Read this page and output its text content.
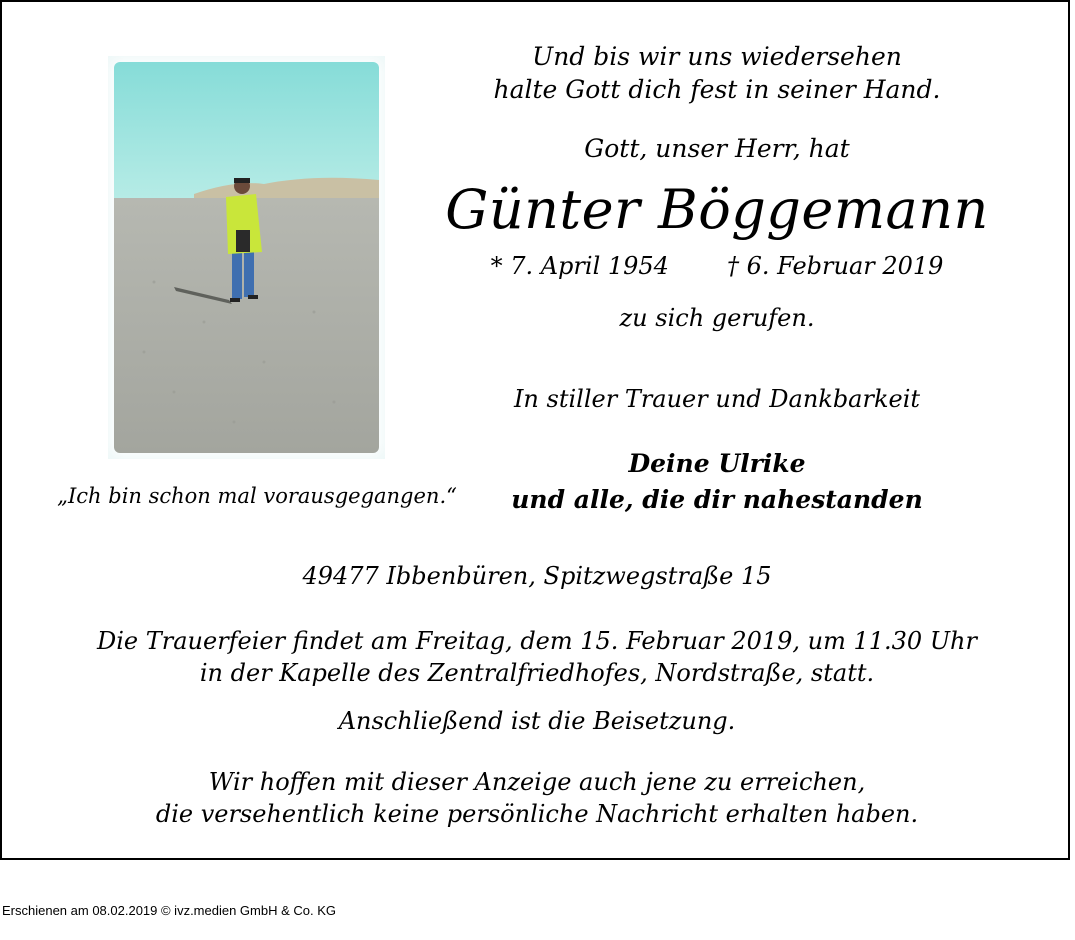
Und bis wir uns wiedersehen
halte Gott dich fest in seiner Hand.
Gott, unser Herr, hat
Günter Böggemann
* 7. April 1954 † 6. Februar 2019
zu sich gerufen.
In stiller Trauer und Dankbarkeit
Deine Ulrike
und alle, die dir nahestanden
„Ich bin schon mal vorausgegangen.“
49477 Ibbenbüren, Spitzwegstraße 15
Die Trauerfeier findet am Freitag, dem 15. Februar 2019, um 11.30 Uhr
in der Kapelle des Zentralfriedhofes, Nordstraße, statt.
Anschließend ist die Beisetzung.
Wir hoffen mit dieser Anzeige auch jene zu erreichen,
die versehentlich keine persönliche Nachricht erhalten haben.
Erschienen am 08.02.2019 © ivz.medien GmbH & Co. KG
